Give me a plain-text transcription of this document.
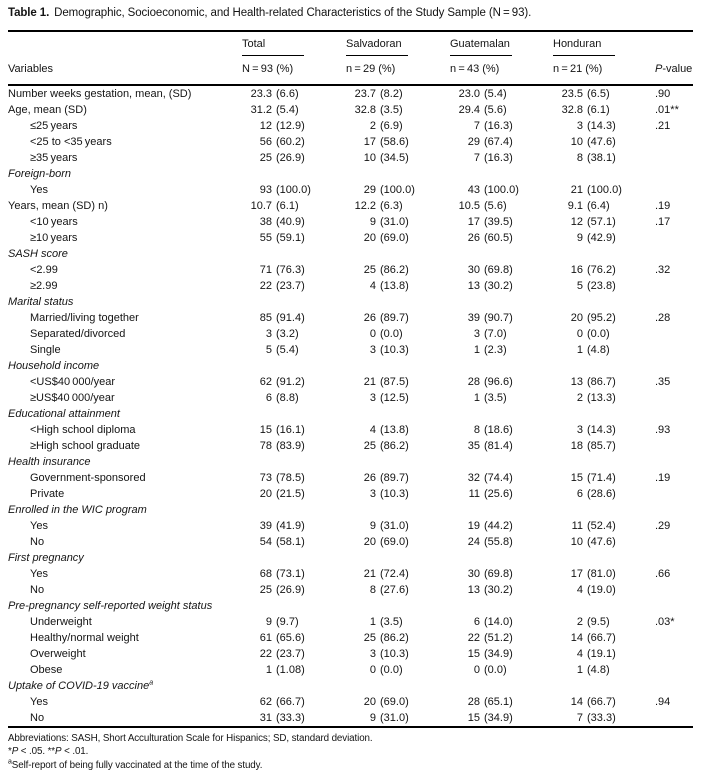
Table 1. Demographic, Socioeconomic, and Health-related Characteristics of the Study Sample (N = 93).
Total	Salvadoran	Guatemalan	Honduran
Variables	N = 93 (%)	n = 29 (%)	n = 43 (%)	n = 21 (%)	P-value
Number weeks gestation, mean, (SD)	23.3 (6.6)	23.7 (8.2)	23.0 (5.4)	23.5 (6.5)	.90
Age, mean (SD)	31.2 (5.4)	32.8 (3.5)	29.4 (5.6)	32.8 (6.1)	.01**
≤25 years	12 (12.9)	2 (6.9)	7 (16.3)	3 (14.3)	.21
<25 to <35 years	56 (60.2)	17 (58.6)	29 (67.4)	10 (47.6)
≥35 years	25 (26.9)	10 (34.5)	7 (16.3)	8 (38.1)
Foreign-born
Yes	93 (100.0)	29 (100.0)	43 (100.0)	21 (100.0)
Years, mean (SD) n)	10.7 (6.1)	12.2 (6.3)	10.5 (5.6)	9.1 (6.4)	.19
<10 years	38 (40.9)	9 (31.0)	17 (39.5)	12 (57.1)	.17
≥10 years	55 (59.1)	20 (69.0)	26 (60.5)	9 (42.9)
SASH score
<2.99	71 (76.3)	25 (86.2)	30 (69.8)	16 (76.2)	.32
≥2.99	22 (23.7)	4 (13.8)	13 (30.2)	5 (23.8)
Marital status
Married/living together	85 (91.4)	26 (89.7)	39 (90.7)	20 (95.2)	.28
Separated/divorced	3 (3.2)	0 (0.0)	3 (7.0)	0 (0.0)
Single	5 (5.4)	3 (10.3)	1 (2.3)	1 (4.8)
Household income
<US$40 000/year	62 (91.2)	21 (87.5)	28 (96.6)	13 (86.7)	.35
≥US$40 000/year	6 (8.8)	3 (12.5)	1 (3.5)	2 (13.3)
Educational attainment
<High school diploma	15 (16.1)	4 (13.8)	8 (18.6)	3 (14.3)	.93
≥High school graduate	78 (83.9)	25 (86.2)	35 (81.4)	18 (85.7)
Health insurance
Government-sponsored	73 (78.5)	26 (89.7)	32 (74.4)	15 (71.4)	.19
Private	20 (21.5)	3 (10.3)	11 (25.6)	6 (28.6)
Enrolled in the WIC program
Yes	39 (41.9)	9 (31.0)	19 (44.2)	11 (52.4)	.29
No	54 (58.1)	20 (69.0)	24 (55.8)	10 (47.6)
First pregnancy
Yes	68 (73.1)	21 (72.4)	30 (69.8)	17 (81.0)	.66
No	25 (26.9)	8 (27.6)	13 (30.2)	4 (19.0)
Pre-pregnancy self-reported weight status
Underweight	9 (9.7)	1 (3.5)	6 (14.0)	2 (9.5)	.03*
Healthy/normal weight	61 (65.6)	25 (86.2)	22 (51.2)	14 (66.7)
Overweight	22 (23.7)	3 (10.3)	15 (34.9)	4 (19.1)
Obese	1 (1.08)	0 (0.0)	0 (0.0)	1 (4.8)
Uptake of COVID-19 vaccine$^a$
Yes	62 (66.7)	20 (69.0)	28 (65.1)	14 (66.7)	.94
No	31 (33.3)	9 (31.0)	15 (34.9)	7 (33.3)
Abbreviations: SASH, Short Acculturation Scale for Hispanics; SD, standard deviation.
*P < .05. **P < .01.
$^a$Self-report of being fully vaccinated at the time of the study.
